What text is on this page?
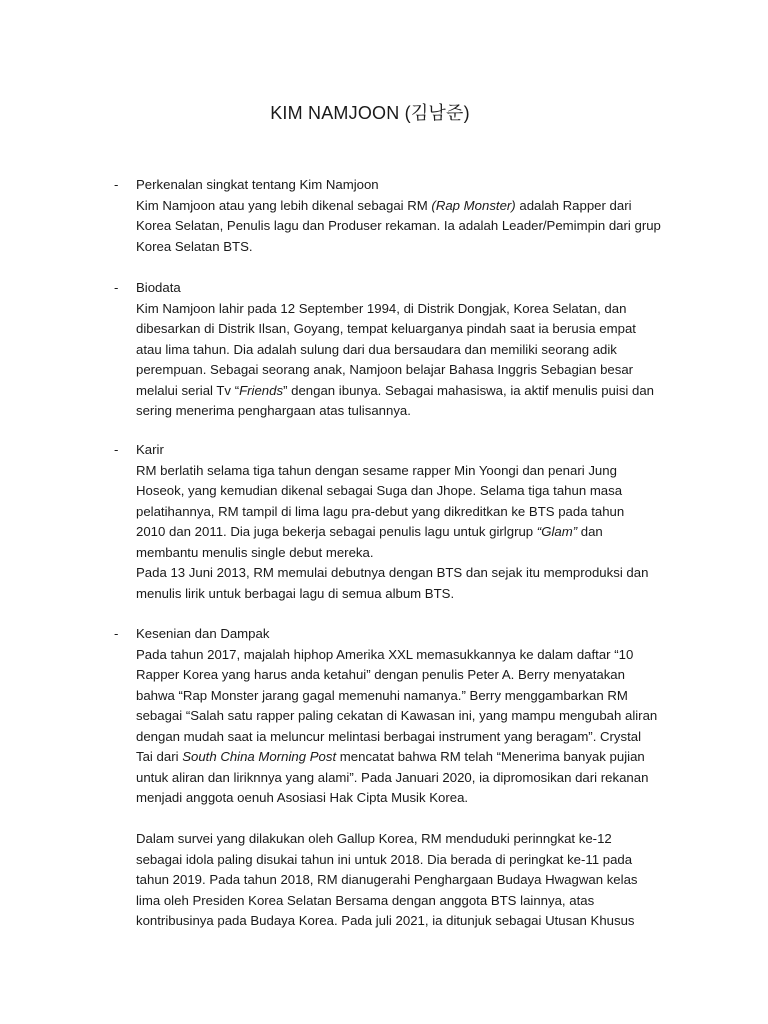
KIM NAMJOON (김남준)
- Perkenalan singkat tentang Kim Namjoon

Kim Namjoon atau yang lebih dikenal sebagai RM (Rap Monster) adalah Rapper dari
Korea Selatan, Penulis lagu dan Produser rekaman. Ia adalah Leader/Pemimpin dari grup
Korea Selatan BTS.

- Biodata

Kim Namjoon lahir pada 12 September 1994, di Distrik Dongjak, Korea Selatan, dan
dibesarkan di Distrik Ilsan, Goyang, tempat keluarganya pindah saat ia berusia empat
atau lima tahun. Dia adalah sulung dari dua bersaudara dan memiliki seorang adik
perempuan. Sebagai seorang anak, Namjoon belajar Bahasa Inggris Sebagian besar
melalui serial Tv “Friends” dengan ibunya. Sebagai mahasiswa, ia aktif menulis puisi dan
sering menerima penghargaan atas tulisannya.

- Karir

RM berlatih selama tiga tahun dengan sesame rapper Min Yoongi dan penari Jung
Hoseok, yang kemudian dikenal sebagai Suga dan Jhope. Selama tiga tahun masa
pelatihannya, RM tampil di lima lagu pra-debut yang dikreditkan ke BTS pada tahun
2010 dan 2011. Dia juga bekerja sebagai penulis lagu untuk girlgrup “Glam” dan
membantu menulis single debut mereka.

Pada 13 Juni 2013, RM memulai debutnya dengan BTS dan sejak itu memproduksi dan
menulis lirik untuk berbagai lagu di semua album BTS.

- Kesenian dan Dampak

Pada tahun 2017, majalah hiphop Amerika XXL memasukkannya ke dalam daftar “10
Rapper Korea yang harus anda ketahui” dengan penulis Peter A. Berry menyatakan
bahwa “Rap Monster jarang gagal memenuhi namanya.” Berry menggambarkan RM
sebagai “Salah satu rapper paling cekatan di Kawasan ini, yang mampu mengubah aliran
dengan mudah saat ia meluncur melintasi berbagai instrument yang beragam”. Crystal
Tai dari South China Morning Post mencatat bahwa RM telah “Menerima banyak pujian
untuk aliran dan liriknnya yang alami”. Pada Januari 2020, ia dipromosikan dari rekanan
menjadi anggota oenuh Asosiasi Hak Cipta Musik Korea.

Dalam survei yang dilakukan oleh Gallup Korea, RM menduduki perinngkat ke-12
sebagai idola paling disukai tahun ini untuk 2018. Dia berada di peringkat ke-11 pada
tahun 2019. Pada tahun 2018, RM dianugerahi Penghargaan Budaya Hwagwan kelas
lima oleh Presiden Korea Selatan Bersama dengan anggota BTS lainnya, atas
kontribusinya pada Budaya Korea. Pada juli 2021, ia ditunjuk sebagai Utusan Khusus
